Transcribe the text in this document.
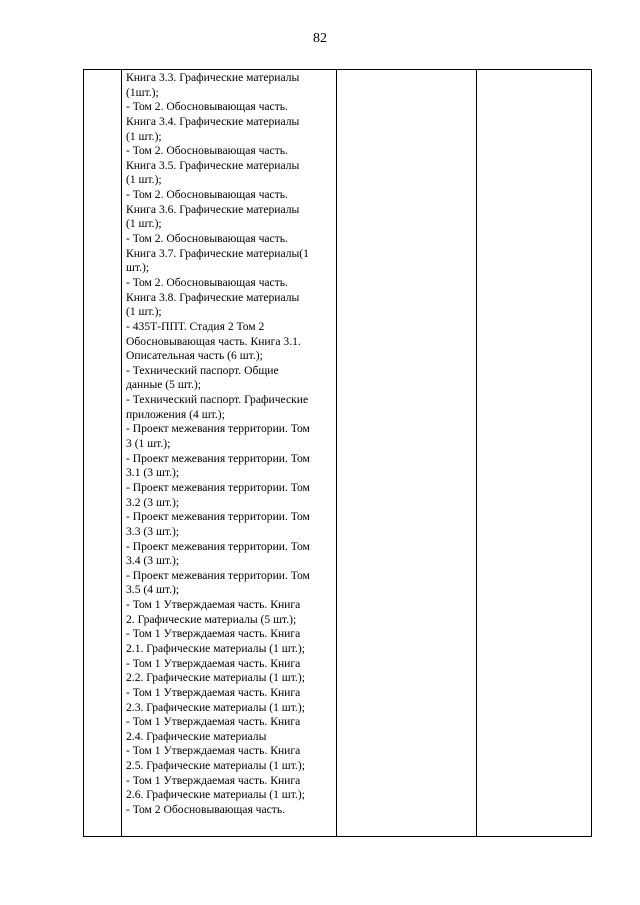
82

Книга 3.3. Графические материалы
(1шт.);
- Том 2. Обосновывающая часть.
Книга 3.4. Графические материалы
(1 шт.);
- Том 2. Обосновывающая часть.
Книга 3.5. Графические материалы
(1 шт.);
- Том 2. Обосновывающая часть.
Книга 3.6. Графические материалы
(1 шт.);
- Том 2. Обосновывающая часть.
Книга 3.7. Графические материалы(1
шт.);
- Том 2. Обосновывающая часть.
Книга 3.8. Графические материалы
(1 шт.);
- 435Т-ППТ. Стадия 2 Том 2
Обосновывающая часть. Книга 3.1.
Описательная часть (6 шт.);
- Технический паспорт. Общие
данные (5 шт.);
- Технический паспорт. Графические
приложения (4 шт.);
- Проект межевания территории. Том
3 (1 шт.);
- Проект межевания территории. Том
3.1 (3 шт.);
- Проект межевания территории. Том
3.2 (3 шт.);
- Проект межевания территории. Том
3.3 (3 шт.);
- Проект межевания территории. Том
3.4 (3 шт.);
- Проект межевания территории. Том
3.5 (4 шт.);
- Том 1 Утверждаемая часть. Книга
2. Графические материалы (5 шт.);
- Том 1 Утверждаемая часть. Книга
2.1. Графические материалы (1 шт.);
- Том 1 Утверждаемая часть. Книга
2.2. Графические материалы (1 шт.);
- Том 1 Утверждаемая часть. Книга
2.3. Графические материалы (1 шт.);
- Том 1 Утверждаемая часть. Книга
2.4. Графические материалы
- Том 1 Утверждаемая часть. Книга
2.5. Графические материалы (1 шт.);
- Том 1 Утверждаемая часть. Книга
2.6. Графические материалы (1 шт.);
- Том 2 Обосновывающая часть.
